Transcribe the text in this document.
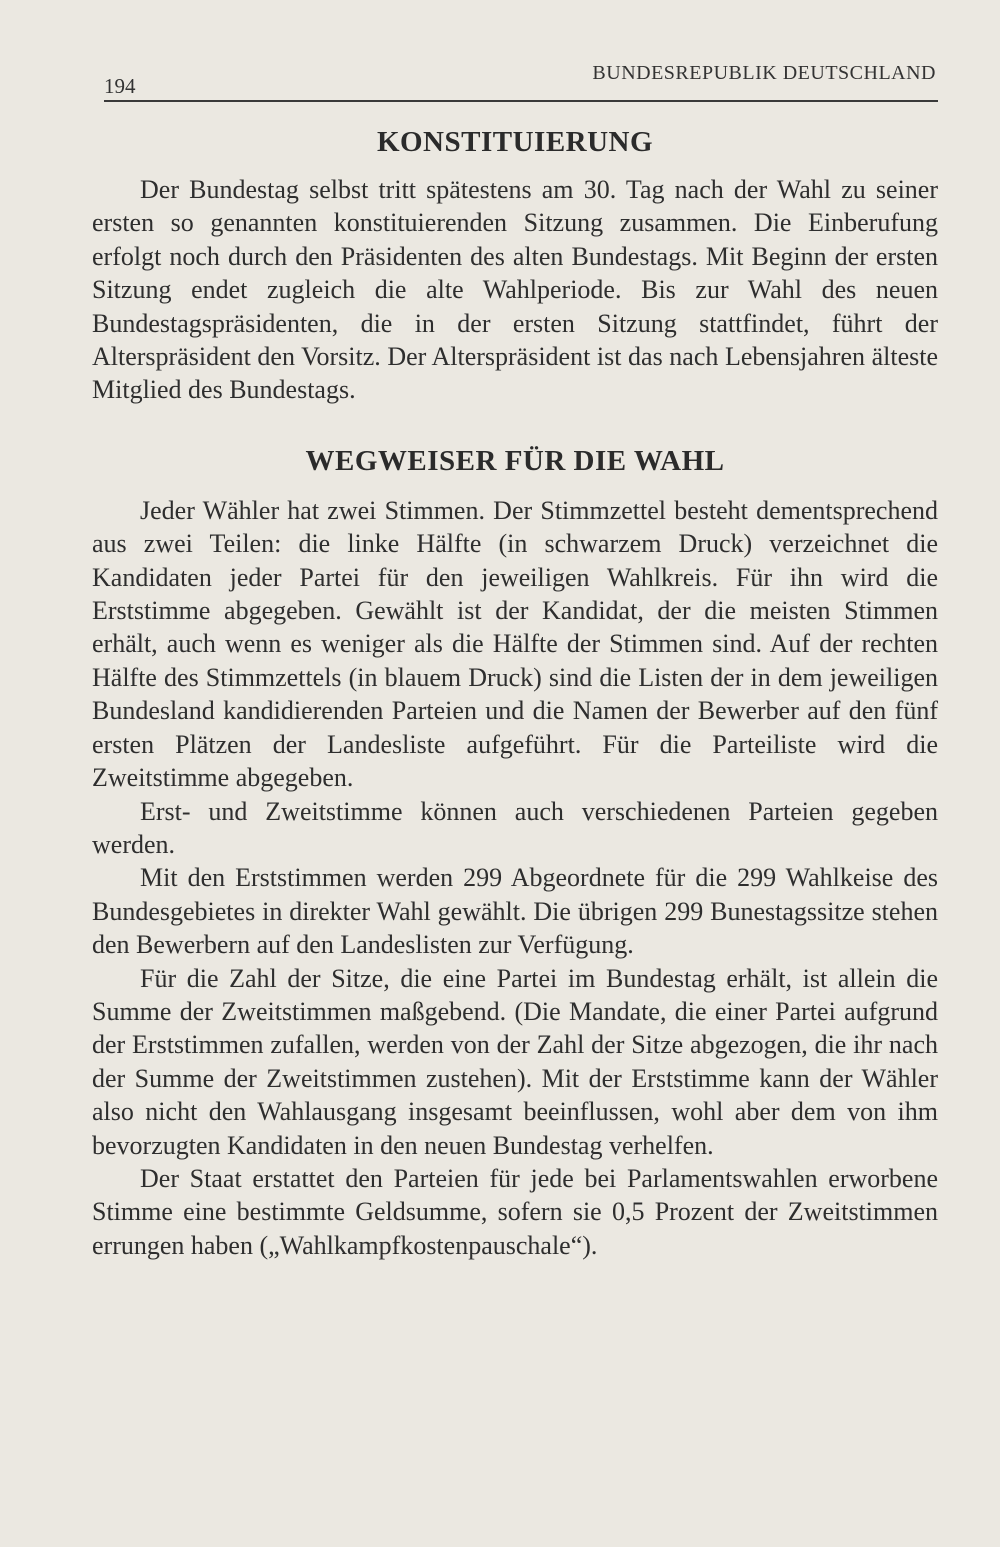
194
BUNDESREPUBLIK DEUTSCHLAND
KONSTITUIERUNG

Der Bundestag selbst tritt spätestens am 30. Tag nach der Wahl zu seiner ersten so genannten konstituierenden Sitzung zusammen. Die Einberufung erfolgt noch durch den Präsidenten des alten Bundestags. Mit Beginn der ersten Sitzung endet zugleich die alte Wahlperiode. Bis zur Wahl des neuen Bundestagspräsidenten, die in der ersten Sitzung stattfindet, führt der Alterspräsident den Vorsitz. Der Alterspräsident ist das nach Lebensjahren älteste Mitglied des Bundestags.

WEGWEISER FÜR DIE WAHL

Jeder Wähler hat zwei Stimmen. Der Stimmzettel besteht dementsprechend aus zwei Teilen: die linke Hälfte (in schwarzem Druck) verzeichnet die Kandidaten jeder Partei für den jeweiligen Wahlkreis. Für ihn wird die Erststimme abgegeben. Gewählt ist der Kandidat, der die meisten Stimmen erhält, auch wenn es weniger als die Hälfte der Stimmen sind. Auf der rechten Hälfte des Stimmzettels (in blauem Druck) sind die Listen der in dem jeweiligen Bundesland kandidierenden Parteien und die Namen der Bewerber auf den fünf ersten Plätzen der Landesliste aufgeführt. Für die Parteiliste wird die Zweitstimme abgegeben.

Erst- und Zweitstimme können auch verschiedenen Parteien gegeben werden.

Mit den Erststimmen werden 299 Abgeordnete für die 299 Wahlkeise des Bundesgebietes in direkter Wahl gewählt. Die übrigen 299 Bunestagssitze stehen den Bewerbern auf den Landeslisten zur Verfügung.

Für die Zahl der Sitze, die eine Partei im Bundestag erhält, ist allein die Summe der Zweitstimmen maßgebend. (Die Mandate, die einer Partei aufgrund der Erststimmen zufallen, werden von der Zahl der Sitze abgezogen, die ihr nach der Summe der Zweitstimmen zustehen). Mit der Erststimme kann der Wähler also nicht den Wahlausgang insgesamt beeinflussen, wohl aber dem von ihm bevorzugten Kandidaten in den neuen Bundestag verhelfen.

Der Staat erstattet den Parteien für jede bei Parlamentswahlen erworbene Stimme eine bestimmte Geldsumme, sofern sie 0,5 Prozent der Zweitstimmen errungen haben („Wahlkampfkostenpauschale“).
